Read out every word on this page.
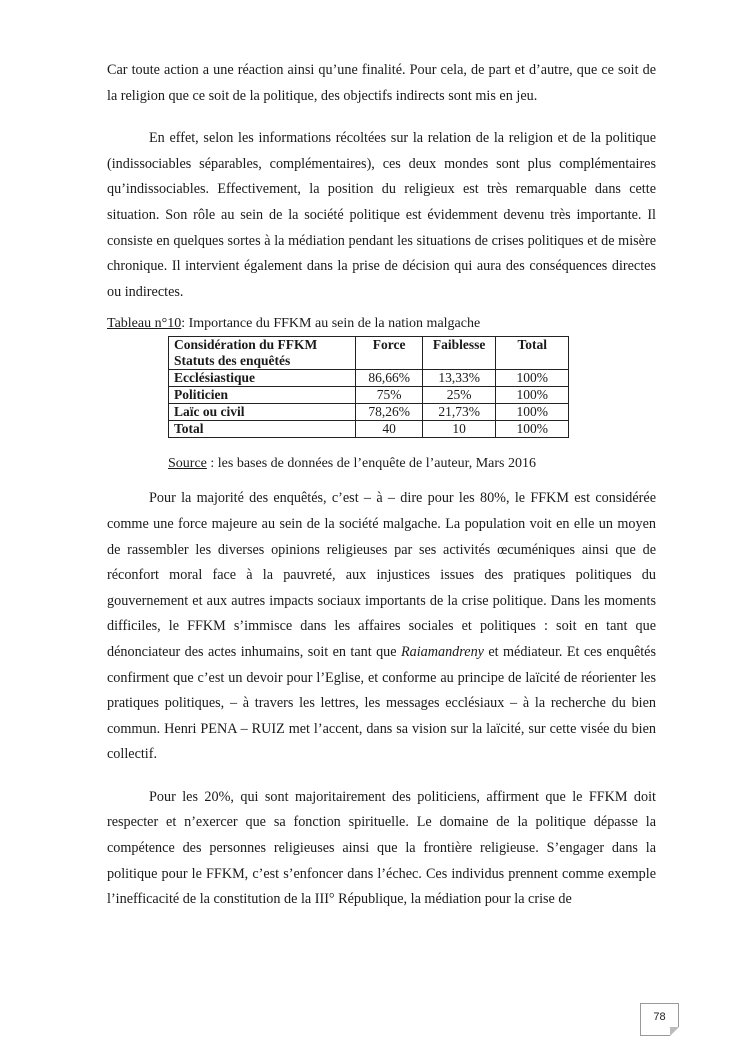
Car toute action a une réaction ainsi qu’une finalité. Pour cela, de part et d’autre, que ce soit de la religion que ce soit de la politique, des objectifs indirects sont mis en jeu.

En effet, selon les informations récoltées sur la relation de la religion et de la politique (indissociables séparables, complémentaires), ces deux mondes sont plus complémentaires qu’indissociables. Effectivement, la position du religieux est très remarquable dans cette situation. Son rôle au sein de la société politique est évidemment devenu très importante. Il consiste en quelques sortes à la médiation pendant les situations de crises politiques et de misère chronique. Il intervient également dans la prise de décision qui aura des conséquences directes ou indirectes.

Tableau n°10: Importance du FFKM au sein de la nation malgache
Considération du FFKM
Statuts des enquêtés	Force	Faiblesse	Total
Ecclésiastique	86,66%	13,33%	100%
Politicien	75%	25%	100%
Laïc ou civil	78,26%	21,73%	100%
Total	40	10	100%
Source : les bases de données de l’enquête de l’auteur, Mars 2016

Pour la majorité des enquêtés, c’est – à – dire pour les 80%, le FFKM est considérée comme une force majeure au sein de la société malgache. La population voit en elle un moyen de rassembler les diverses opinions religieuses par ses activités œcuméniques ainsi que de réconfort moral face à la pauvreté, aux injustices issues des pratiques politiques du gouvernement et aux autres impacts sociaux importants de la crise politique. Dans les moments difficiles, le FFKM s’immisce dans les affaires sociales et politiques : soit en tant que dénonciateur des actes inhumains, soit en tant que Raiamandreny et médiateur. Et ces enquêtés confirment que c’est un devoir pour l’Eglise, et conforme au principe de laïcité de réorienter les pratiques politiques, – à travers les lettres, les messages ecclésiaux – à la recherche du bien commun. Henri PENA – RUIZ met l’accent, dans sa vision sur la laïcité, sur cette visée du bien collectif.

Pour les 20%, qui sont majoritairement des politiciens, affirment que le FFKM doit respecter et n’exercer que sa fonction spirituelle. Le domaine de la politique dépasse la compétence des personnes religieuses ainsi que la frontière religieuse. S’engager dans la politique pour le FFKM, c’est s’enfoncer dans l’échec. Ces individus prennent comme exemple l’inefficacité de la constitution de la III° République, la médiation pour la crise de

78
